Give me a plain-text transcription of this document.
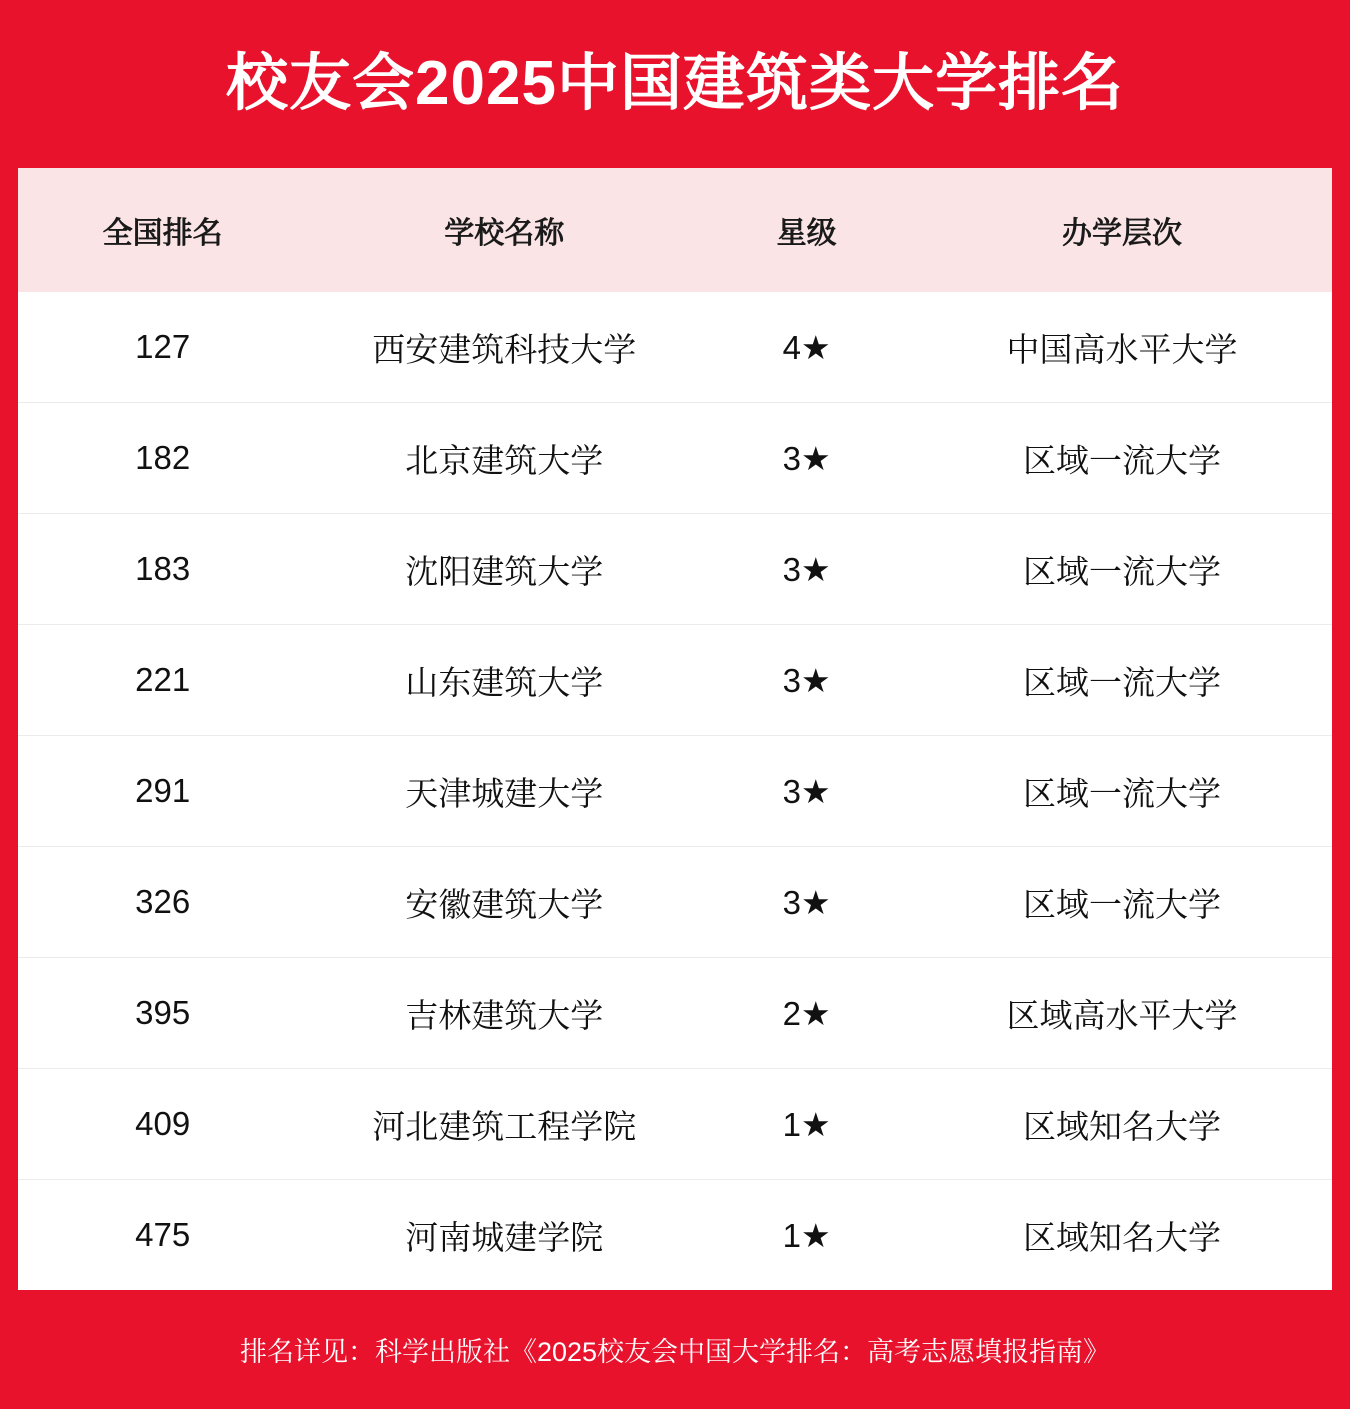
校友会2025中国建筑类大学排名
全国排名	学校名称	星级	办学层次
127	西安建筑科技大学	4★	中国高水平大学
182	北京建筑大学	3★	区域一流大学
183	沈阳建筑大学	3★	区域一流大学
221	山东建筑大学	3★	区域一流大学
291	天津城建大学	3★	区域一流大学
326	安徽建筑大学	3★	区域一流大学
395	吉林建筑大学	2★	区域高水平大学
409	河北建筑工程学院	1★	区域知名大学
475	河南城建学院	1★	区域知名大学
排名详见：科学出版社《2025校友会中国大学排名：高考志愿填报指南》
